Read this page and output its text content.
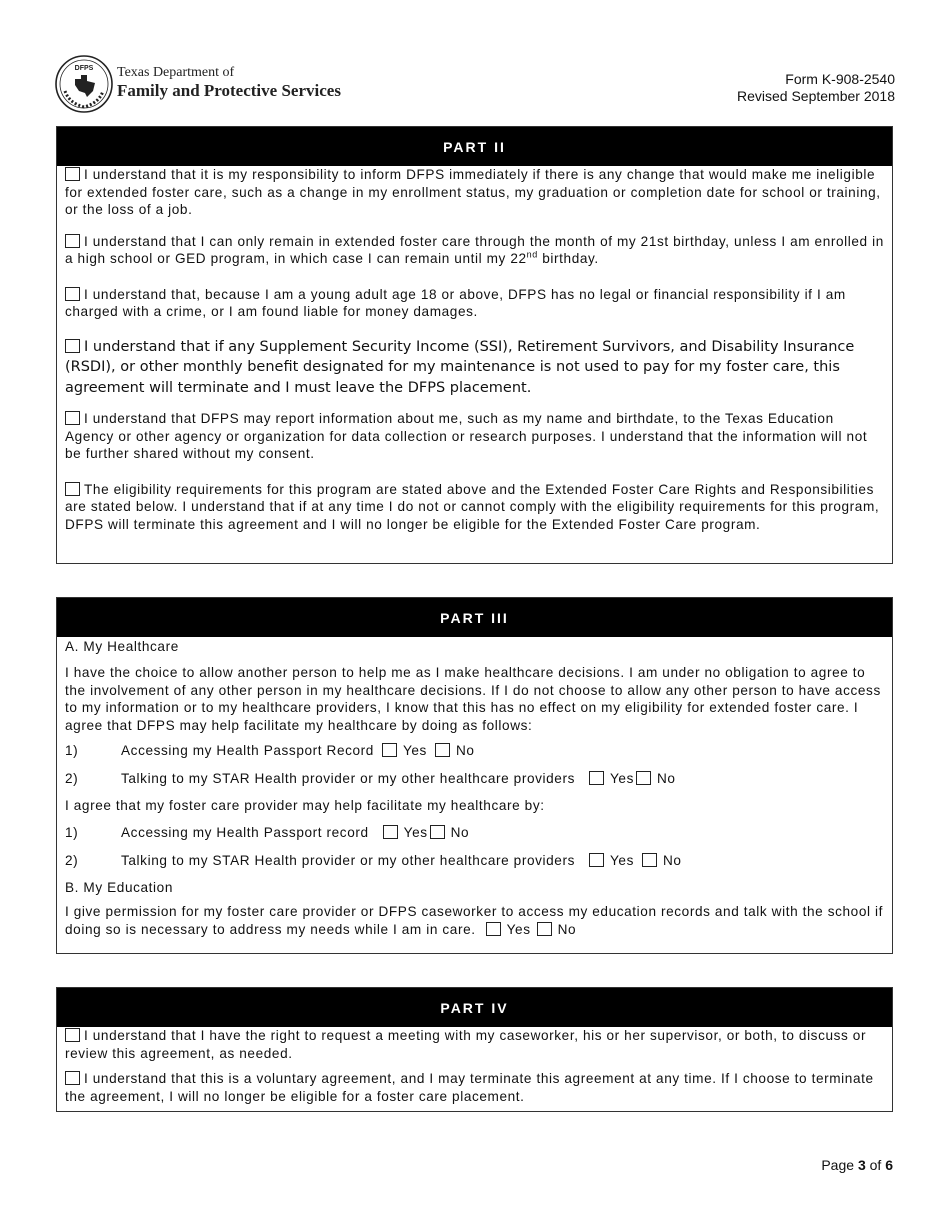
DFPS Texas Department of
Family and Protective Services
Form K-908-2540
Revised September 2018
PART II

I understand that it is my responsibility to inform DFPS immediately if there is any change that would make me ineligible for extended foster care, such as a change in my enrollment status, my graduation or completion date for school or training, or the loss of a job.

I understand that I can only remain in extended foster care through the month of my 21st birthday, unless I am enrolled in a high school or GED program, in which case I can remain until my 22nd birthday.

I understand that, because I am a young adult age 18 or above, DFPS has no legal or financial responsibility if I am charged with a crime, or I am found liable for money damages.

I understand that if any Supplement Security Income (SSI), Retirement Survivors, and Disability Insurance (RSDI), or other monthly benefit designated for my maintenance is not used to pay for my foster care, this agreement will terminate and I must leave the DFPS placement.

I understand that DFPS may report information about me, such as my name and birthdate, to the Texas Education Agency or other agency or organization for data collection or research purposes. I understand that the information will not be further shared without my consent.

The eligibility requirements for this program are stated above and the Extended Foster Care Rights and Responsibilities are stated below. I understand that if at any time I do not or cannot comply with the eligibility requirements for this program, DFPS will terminate this agreement and I will no longer be eligible for the Extended Foster Care program.

PART III
A. My Healthcare

I have the choice to allow another person to help me as I make healthcare decisions. I am under no obligation to agree to the involvement of any other person in my healthcare decisions. If I do not choose to allow any other person to have access to my information or to my healthcare providers, I know that this has no effect on my eligibility for extended foster care. I agree that DFPS may help facilitate my healthcare by doing as follows:

1)	Accessing my Health Passport Record Yes No
2)	Talking to my STAR Health provider or my other healthcare providers	Yes No
I agree that my foster care provider may help facilitate my healthcare by:
1)	Accessing my Health Passport record	Yes No
2)	Talking to my STAR Health provider or my other healthcare providers	Yes No
B. My Education

I give permission for my foster care provider or DFPS caseworker to access my education records and talk with the school if doing so is necessary to address my needs while I am in care. Yes No

PART IV

I understand that I have the right to request a meeting with my caseworker, his or her supervisor, or both, to discuss or review this agreement, as needed.

I understand that this is a voluntary agreement, and I may terminate this agreement at any time. If I choose to terminate the agreement, I will no longer be eligible for a foster care placement.

Page 3 of 6
